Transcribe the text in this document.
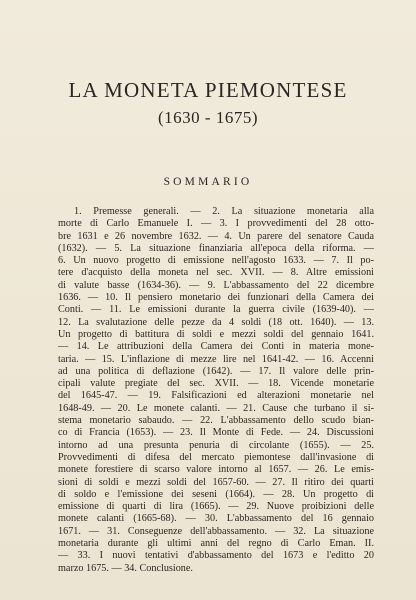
LA MONETA PIEMONTESE
(1630 - 1675)
SOMMARIO
1. Premesse generali. — 2. La situazione monetaria alla
morte di Carlo Emanuele I. — 3. I provvedimenti del 28 otto-
bre 1631 e 26 novembre 1632. — 4. Un parere del senatore Cauda
(1632). — 5. La situazione finanziaria all'epoca della riforma. —
6. Un nuovo progetto di emissione nell'agosto 1633. — 7. Il po-
tere d'acquisto della moneta nel sec. XVII. — 8. Altre emissioni
di valute basse (1634-36). — 9. L'abbassamento del 22 dicembre
1636. — 10. Il pensiero monetario dei funzionari della Camera dei
Conti. — 11. Le emissioni durante la guerra civile (1639-40). —
12. La svalutazione delle pezze da 4 soldi (18 ott. 1640). — 13.
Un progetto di battitura di soldi e mezzi soldi del gennaio 1641.
— 14. Le attribuzioni della Camera dei Conti in materia mone-
taria. — 15. L'inflazione di mezze lire nel 1641-42. — 16. Accenni
ad una politica di deflazione (1642). — 17. Il valore delle prin-
cipali valute pregiate del sec. XVII. — 18. Vicende monetarie
del 1645-47. — 19. Falsificazioni ed alterazioni monetarie nel
1648-49. — 20. Le monete calanti. — 21. Cause che turbano il si-
stema monetario sabaudo. — 22. L'abbassamento dello scudo bian-
co di Francia (1653). — 23. Il Monte di Fede. — 24. Discussioni
intorno ad una presunta penuria di circolante (1655). — 25.
Provvedimenti di difesa del mercato piemontese dall'invasione di
monete forestiere di scarso valore intorno al 1657. — 26. Le emis-
sioni di soldi e mezzi soldi del 1657-60. — 27. Il ritiro dei quarti
di soldo e l'emissione dei seseni (1664). — 28. Un progetto di
emissione di quarti di lira (1665). — 29. Nuove proibizioni delle
monete calanti (1665-68). — 30. L'abbassamento del 16 gennaio
1671. — 31. Conseguenze dell'abbassamento. — 32. La situazione
monetaria durante gli ultimi anni del regno di Carlo Eman. II.
— 33. I nuovi tentativi d'abbassamento del 1673 e l'editto 20
marzo 1675. — 34. Conclusione.
